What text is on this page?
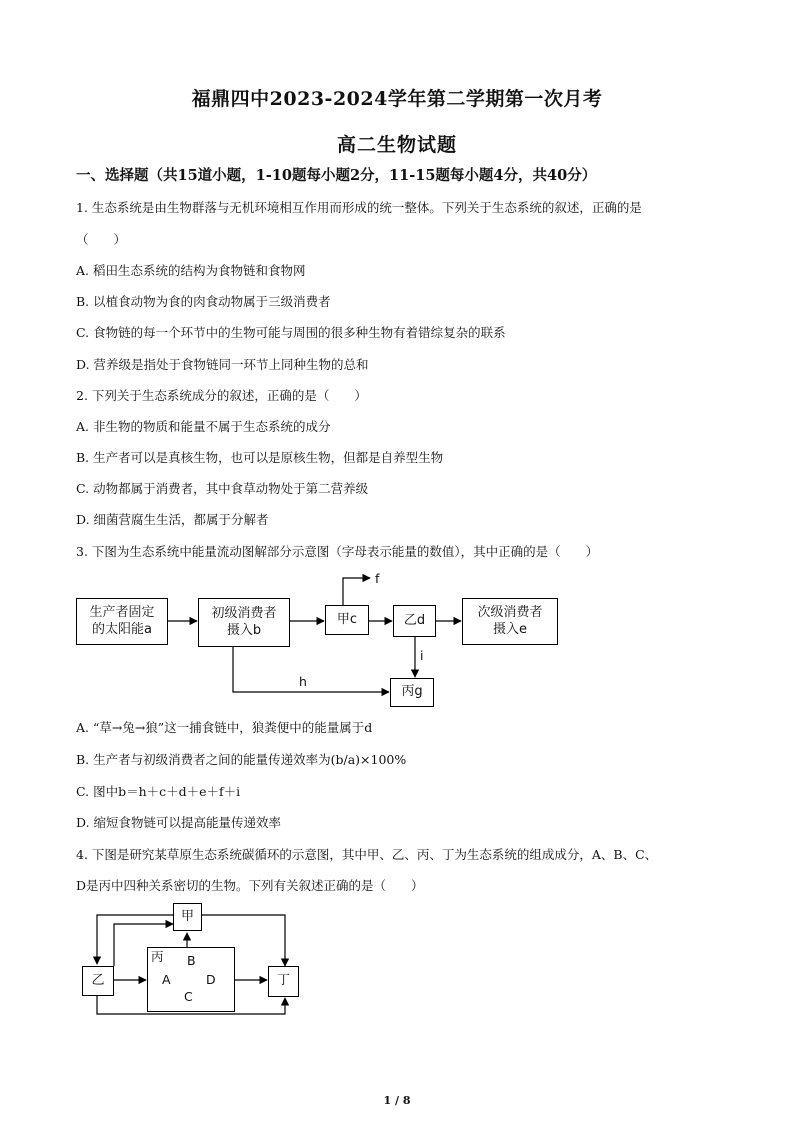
福鼎四中2023-2024学年第二学期第一次月考
高二生物试题
一、选择题（共15道小题，1-10题每小题2分，11-15题每小题4分，共40分）
1. 生态系统是由生物群落与无机环境相互作用而形成的统一整体。下列关于生态系统的叙述，正确的是
（　　）
A. 稻田生态系统的结构为食物链和食物网
B. 以植食动物为食的肉食动物属于三级消费者
C. 食物链的每一个环节中的生物可能与周围的很多种生物有着错综复杂的联系
D. 营养级是指处于食物链同一环节上同种生物的总和
2. 下列关于生态系统成分的叙述，正确的是（　　）
A. 非生物的物质和能量不属于生态系统的成分
B. 生产者可以是真核生物，也可以是原核生物，但都是自养型生物
C. 动物都属于消费者，其中食草动物处于第二营养级
D. 细菌营腐生生活，都属于分解者
3. 下图为生态系统中能量流动图解部分示意图（字母表示能量的数值），其中正确的是（　　）
生产者固定
的太阳能a
初级消费者
摄入b
甲c	乙d
次级消费者
摄入e
丙g
f
h
i
A. “草→兔→狼”这一捕食链中，狼粪便中的能量属于d
B. 生产者与初级消费者之间的能量传递效率为(b/a)×100%
C. 图中b＝h＋c＋d＋e＋f＋i
D. 缩短食物链可以提高能量传递效率
4. 下图是研究某草原生态系统碳循环的示意图，其中甲、乙、丙、丁为生态系统的组成成分，A、B、C、
D是丙中四种关系密切的生物。下列有关叙述正确的是（　　）
甲
乙
丙
丁
A
B
C
D
1 / 8
